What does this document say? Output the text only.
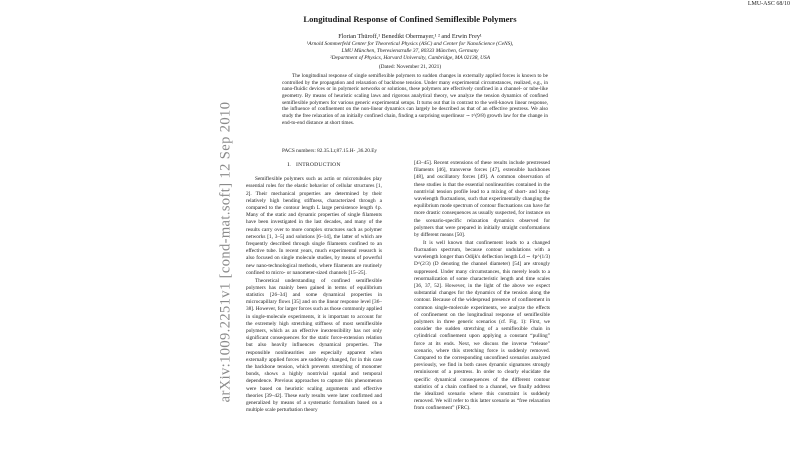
LMU-ASC 68/10
arXiv:1009.2251v1 [cond-mat.soft] 12 Sep 2010
Longitudinal Response of Confined Semiflexible Polymers
Florian Thüroff,¹ Benedikt Obermayer,¹ ² and Erwin Frey¹
¹Arnold Sommerfeld Center for Theoretical Physics (ASC) and Center for NanoScience (CeNS),
LMU München, Theresienstraße 37, 80333 München, Germany
²Department of Physics, Harvard University, Cambridge, MA 02138, USA
(Dated: November 21, 2021)
The longitudinal response of single semiflexible polymers to sudden changes in externally applied forces is known to be controlled by the propagation and relaxation of backbone tension. Under many experimental circumstances, realized, e.g., in nano-fluidic devices or in polymeric networks or solutions, these polymers are effectively confined in a channel- or tube-like geometry. By means of heuristic scaling laws and rigorous analytical theory, we analyze the tension dynamics of confined semiflexible polymers for various generic experimental setups. It turns out that in contrast to the well-known linear response, the influence of confinement on the non-linear dynamics can largely be described as that of an effective prestress. We also study the free relaxation of an initially confined chain, finding a surprising superlinear ∼ t^(9/8) growth law for the change in end-to-end distance at short times.
PACS numbers: 82.35.Lr,87.15.H- ,36.20.Ey
I. INTRODUCTION

Semiflexible polymers such as actin or microtubules play essential roles for the elastic behavior of cellular structures [1, 2]. Their mechanical properties are determined by their relatively high bending stiffness, characterized through a compared to the contour length L large persistence length ℓp. Many of the static and dynamic properties of single filaments have been investigated in the last decades, and many of the results carry over to more complex structures such as polymer networks [1, 3–5] and solutions [6–14], the latter of which are frequently described through single filaments confined to an effective tube. In recent years, much experimental research is also focused on single molecule studies, by means of powerful new nano-technological methods, where filaments are routinely confined to micro- or nanometer-sized channels [15–25].

Theoretical understanding of confined semiflexible polymers has mainly been gained in terms of equilibrium statistics [26–34] and some dynamical properties in microcapillary flows [35] and on the linear response level [36–38]. However, for larger forces such as those commonly applied in single-molecule experiments, it is important to account for the extremely high stretching stiffness of most semiflexible polymers, which as an effective inextensibility has not only significant consequences for the static force-extension relation but also heavily influences dynamical properties. The responsible nonlinearities are especially apparent when externally applied forces are suddenly changed, for in this case the backbone tension, which prevents stretching of monomer bonds, shows a highly nontrivial spatial and temporal dependence. Previous approaches to capture this phenomenon were based on heuristic scaling arguments and effective theories [39–42]. These early results were later confirmed and generalized by means of a systematic formalism based on a multiple scale perturbation theory

[43–45]. Recent extensions of these results include prestressed filaments [46], transverse forces [47], extensible backbones [48], and oscillatory forces [49]. A common observation of these studies is that the essential nonlinearities contained in the nontrivial tension profile lead to a mixing of short- and long-wavelength fluctuations, such that experimentally changing the equilibrium mode spectrum of contour fluctuations can have far more drastic consequences as usually suspected, for instance on the scenario-specific relaxation dynamics observed for polymers that were prepared in initially straight conformations by different means [50].

It is well known that confinement leads to a changed fluctuation spectrum, because contour undulations with a wavelength longer than Odijk's deflection length Ld ∼ ℓp^(1/3) D^(2/3) (D denoting the channel diameter) [54] are strongly suppressed. Under many circumstances, this merely leads to a renormalization of some characteristic length and time scales [36, 37, 52]. However, in the light of the above we expect substantial changes for the dynamics of the tension along the contour. Because of the widespread presence of confinement in common single-molecule experiments, we analyze the effects of confinement on the longitudinal response of semiflexible polymers in three generic scenarios (cf. Fig. 1): First, we consider the sudden stretching of a semiflexible chain in cylindrical confinement upon applying a constant “pulling” force at its ends. Next, we discuss the inverse “release” scenario, where this stretching force is suddenly removed. Compared to the corresponding unconfined scenarios analyzed previously, we find in both cases dynamic signatures strongly reminiscent of a prestress. In order to clearly elucidate the specific dynamical consequences of the different contour statistics of a chain confined to a channel, we finally address the idealized scenario where this constraint is suddenly removed. We will refer to this latter scenario as “free relaxation from confinement” (FRC).
